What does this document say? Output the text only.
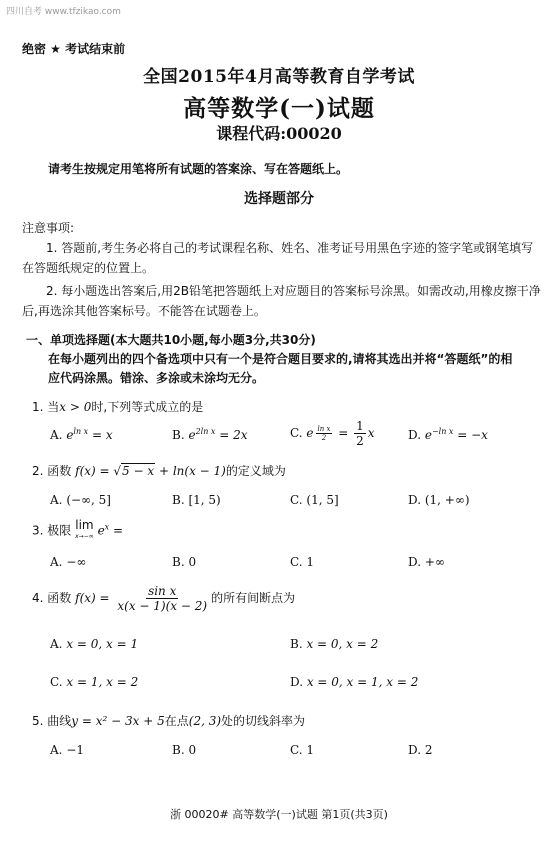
四川自考 www.tfzikao.com
绝密 ★ 考试结束前
全国2015年4月高等教育自学考试
高等数学(一)试题
课程代码:00020
请考生按规定用笔将所有试题的答案涂、写在答题纸上。
选择题部分
注意事项:
1. 答题前,考生务必将自己的考试课程名称、姓名、准考证号用黑色字迹的签字笔或钢笔填写在答题纸规定的位置上。
2. 每小题选出答案后,用2B铅笔把答题纸上对应题目的答案标号涂黑。如需改动,用橡皮擦干净后,再选涂其他答案标号。不能答在试题卷上。
一、单项选择题(本大题共10小题,每小题3分,共30分)
在每小题列出的四个备选项中只有一个是符合题目要求的,请将其选出并将“答题纸”的相应代码涂黑。错涂、多涂或未涂均无分。
1. 当x > 0时,下列等式成立的是
A. $e^{ln x} = x$	B. $e^{2ln x} = 2x$	C. e $\frac{\text{ln x}}{2} = \frac{1}{2}$ x	D. $e^{-ln x} = -x$
2. 函数 f(x) = √5 − x + ln(x − 1)的定义域为
A. (−∞, 5]	B. [1, 5)	C. (1, 5]	D. (1, +∞)
3. 极限 lim
x→−∞ $e^x$ =
A. −∞	B. 0	C. 1	D. +∞
4. 函数 $f(x) = \frac{\text{sin x}}{x(x - 1)(x - 2)}$ 的所有间断点为
A. x = 0, x = 1	B. x = 0, x = 2
C. x = 1, x = 2	D. x = 0, x = 1, x = 2
5. 曲线y = x² − 3x + 5在点(2, 3)处的切线斜率为
A. −1	B. 0	C. 1	D. 2
浙 00020# 高等数学(一)试题 第1页(共3页)
